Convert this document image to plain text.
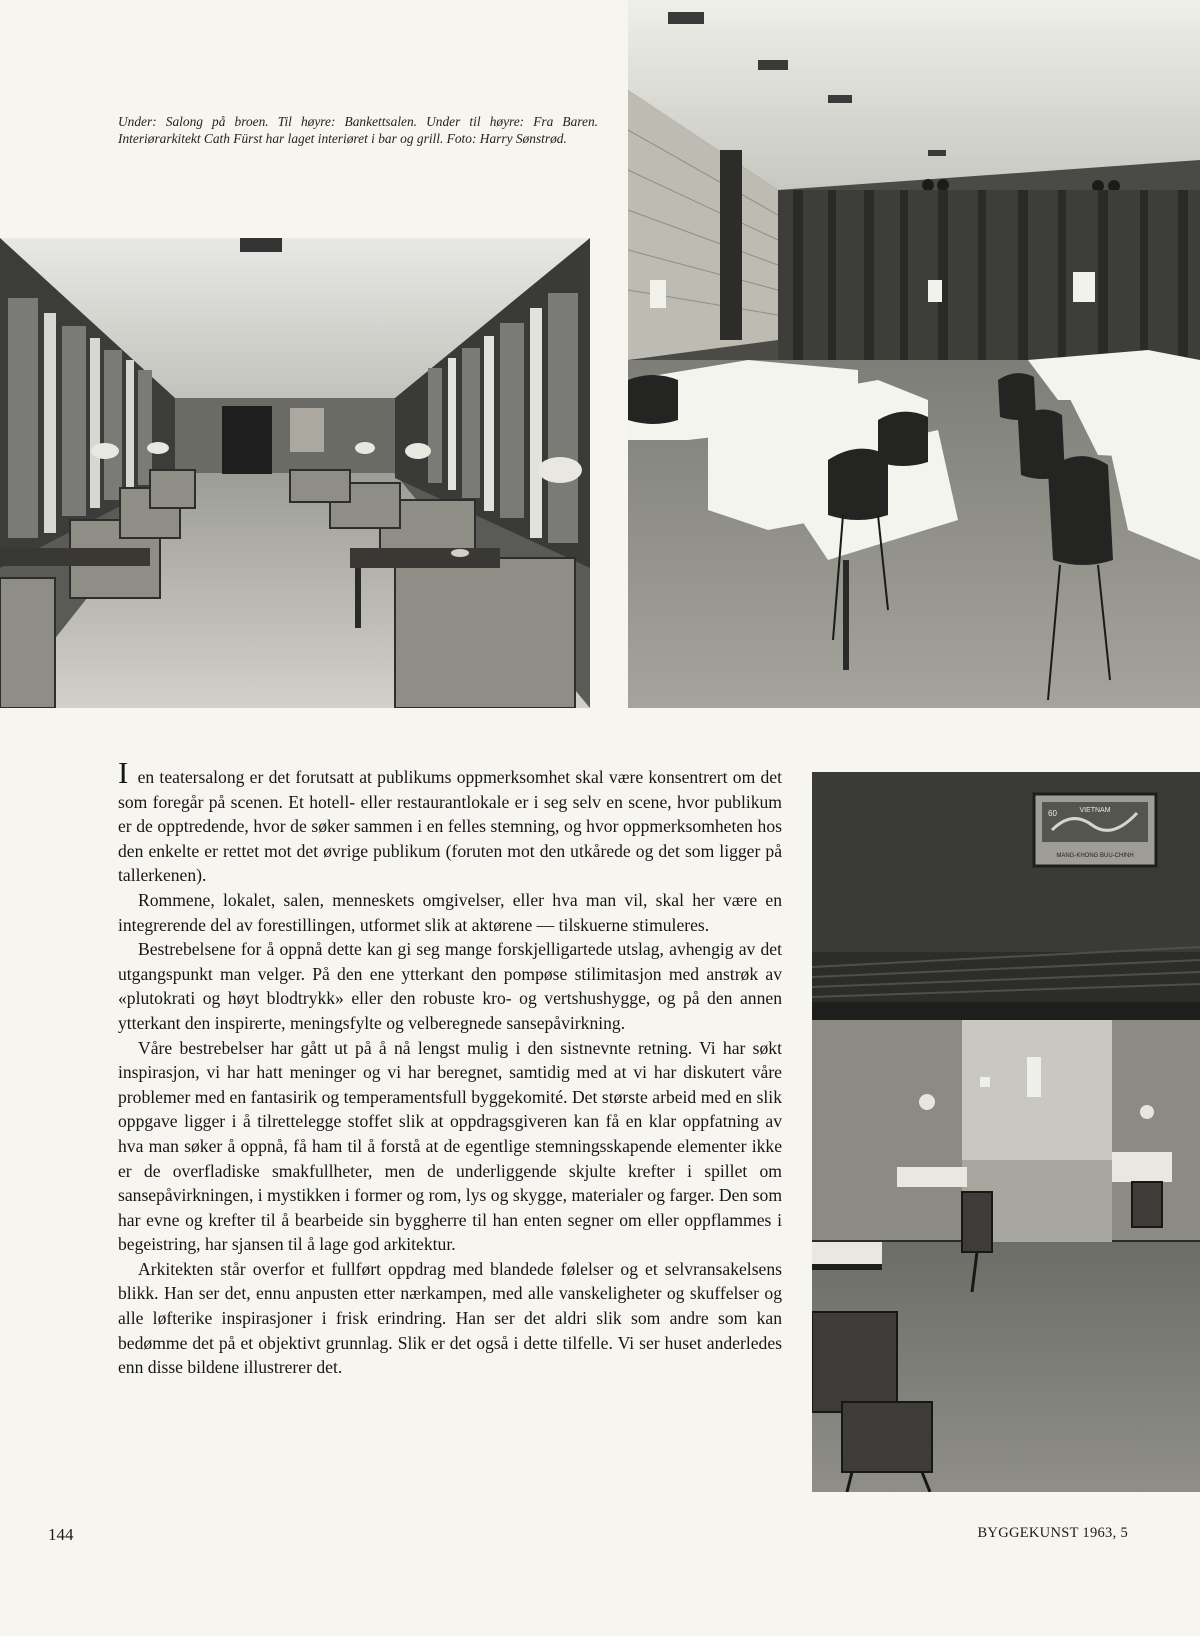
Under: Salong på broen. Til høyre: Bankettsalen. Under til høyre: Fra Baren. Interiørarkitekt Cath Fürst har laget interiøret i bar og grill. Foto: Harry Sønstrød.
60	VIETNAM
MANG-KHONG BUU-CHINH

I en teatersalong er det forutsatt at publikums oppmerksomhet skal være konsentrert om det som foregår på scenen. Et hotell- eller restaurantlokale er i seg selv en scene, hvor publikum er de opptredende, hvor de søker sammen i en felles stemning, og hvor oppmerksomheten hos den enkelte er rettet mot det øvrige publikum (foruten mot den utkårede og det som ligger på tallerkenen).

Rommene, lokalet, salen, menneskets omgivelser, eller hva man vil, skal her være en integrerende del av forestillingen, utformet slik at aktørene — tilskuerne stimuleres.

Bestrebelsene for å oppnå dette kan gi seg mange forskjelligartede utslag, avhengig av det utgangspunkt man velger. På den ene ytterkant den pompøse stilimitasjon med anstrøk av «plutokrati og høyt blodtrykk» eller den robuste kro- og vertshushygge, og på den annen ytterkant den inspirerte, meningsfylte og velberegnede sansepåvirkning.

Våre bestrebelser har gått ut på å nå lengst mulig i den sistnevnte retning. Vi har søkt inspirasjon, vi har hatt meninger og vi har beregnet, samtidig med at vi har diskutert våre problemer med en fantasirik og temperamentsfull byggekomité. Det største arbeid med en slik oppgave ligger i å tilrettelegge stoffet slik at oppdragsgiveren kan få en klar oppfatning av hva man søker å oppnå, få ham til å forstå at de egentlige stemningsskapende elementer ikke er de overfladiske smakfullheter, men de underliggende skjulte krefter i spillet om sansepåvirkningen, i mystikken i former og rom, lys og skygge, materialer og farger. Den som har evne og krefter til å bearbeide sin byggherre til han enten segner om eller oppflammes i begeistring, har sjansen til å lage god arkitektur.

Arkitekten står overfor et fullført oppdrag med blandede følelser og et selvransakelsens blikk. Han ser det, ennu anpusten etter nærkampen, med alle vanskeligheter og skuffelser og alle løfterike inspirasjoner i frisk erindring. Han ser det aldri slik som andre som kan bedømme det på et objektivt grunnlag. Slik er det også i dette tilfelle. Vi ser huset anderledes enn disse bildene illustrerer det.

144	BYGGEKUNST 1963, 5
